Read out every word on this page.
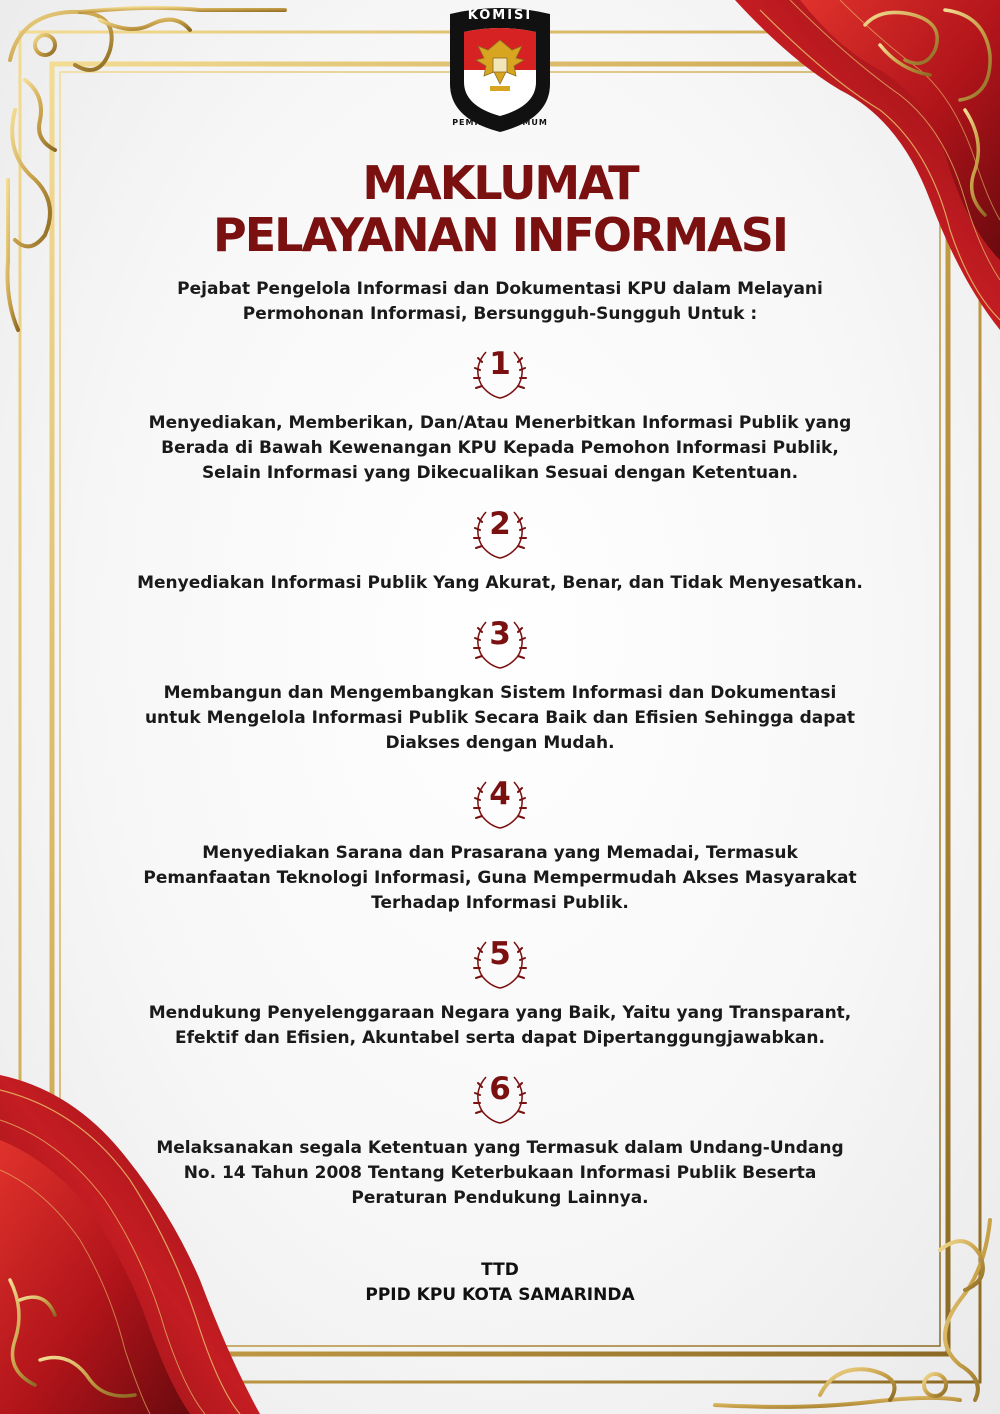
KOMISI
PEMILIHAN UMUM
MAKLUMAT
PELAYANAN INFORMASI

Pejabat Pengelola Informasi dan Dokumentasi KPU dalam Melayani
Permohonan Informasi, Bersungguh-Sungguh Untuk :

1

Menyediakan, Memberikan, Dan/Atau Menerbitkan Informasi Publik yang
Berada di Bawah Kewenangan KPU Kepada Pemohon Informasi Publik,
Selain Informasi yang Dikecualikan Sesuai dengan Ketentuan.

2

Menyediakan Informasi Publik Yang Akurat, Benar, dan Tidak Menyesatkan.

3

Membangun dan Mengembangkan Sistem Informasi dan Dokumentasi
untuk Mengelola Informasi Publik Secara Baik dan Efisien Sehingga dapat
Diakses dengan Mudah.

4

Menyediakan Sarana dan Prasarana yang Memadai, Termasuk
Pemanfaatan Teknologi Informasi, Guna Mempermudah Akses Masyarakat
Terhadap Informasi Publik.

5

Mendukung Penyelenggaraan Negara yang Baik, Yaitu yang Transparant,
Efektif dan Efisien, Akuntabel serta dapat Dipertanggungjawabkan.

6

Melaksanakan segala Ketentuan yang Termasuk dalam Undang-Undang
No. 14 Tahun 2008 Tentang Keterbukaan Informasi Publik Beserta
Peraturan Pendukung Lainnya.

TTD

PPID KPU KOTA SAMARINDA
